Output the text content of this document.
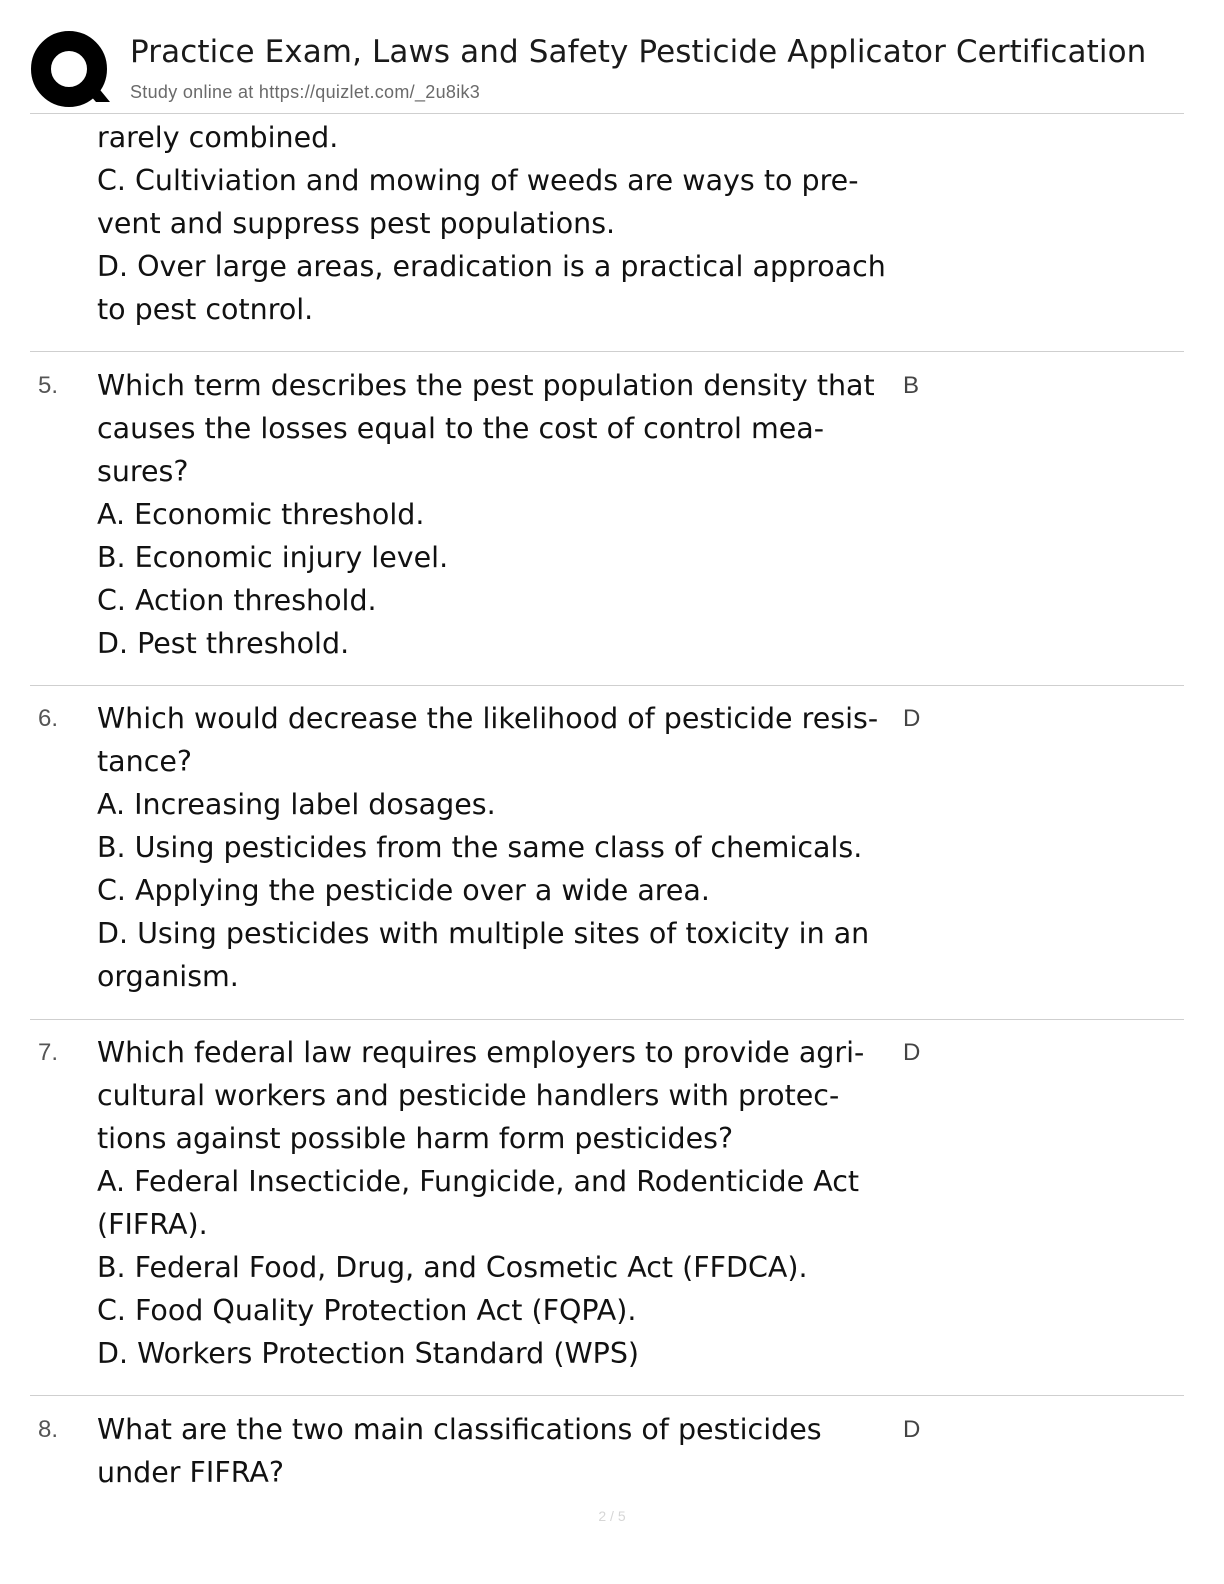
Practice Exam, Laws and Safety Pesticide Applicator Certification
Study online at https://quizlet.com/_2u8ik3
rarely combined.
C. Cultiviation and mowing of weeds are ways to pre-
vent and suppress pest populations.
D. Over large areas, eradication is a practical approach
to pest cotnrol.
5.	B
Which term describes the pest population density that
causes the losses equal to the cost of control mea-
sures?
A. Economic threshold.
B. Economic injury level.
C. Action threshold.
D. Pest threshold.
6.	D
Which would decrease the likelihood of pesticide resis-
tance?
A. Increasing label dosages.
B. Using pesticides from the same class of chemicals.
C. Applying the pesticide over a wide area.
D. Using pesticides with multiple sites of toxicity in an
organism.
7.	D
Which federal law requires employers to provide agri-
cultural workers and pesticide handlers with protec-
tions against possible harm form pesticides?
A. Federal Insecticide, Fungicide, and Rodenticide Act
(FIFRA).
B. Federal Food, Drug, and Cosmetic Act (FFDCA).
C. Food Quality Protection Act (FQPA).
D. Workers Protection Standard (WPS)
8.	D
What are the two main classifications of pesticides
under FIFRA?
2 / 5
